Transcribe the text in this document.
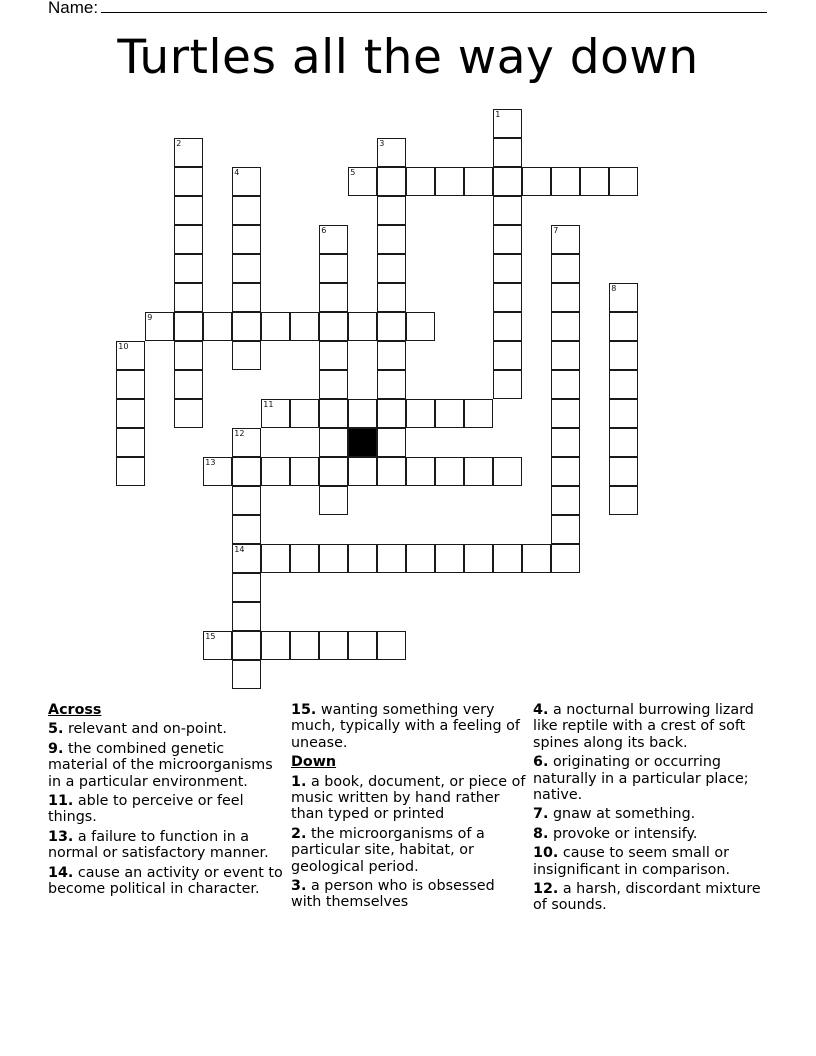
Name:
Turtles all the way down
1
2	3
4	5
6	7
8
9
10
11
12
14
13
15
Across
5. relevant and on-point.
9. the combined genetic material of the microorganisms in a particular environment.
11. able to perceive or feel things.
13. a failure to function in a normal or satisfactory manner.
14. cause an activity or event to become political in character.
15. wanting something very much, typically with a feeling of unease.
Down
1. a book, document, or piece of music written by hand rather than typed or printed
2. the microorganisms of a particular site, habitat, or geological period.
3. a person who is obsessed with themselves
4. a nocturnal burrowing lizard like reptile with a crest of soft spines along its back.
6. originating or occurring naturally in a particular place; native.
7. gnaw at something.
8. provoke or intensify.
10. cause to seem small or insignificant in comparison.
12. a harsh, discordant mixture of sounds.
